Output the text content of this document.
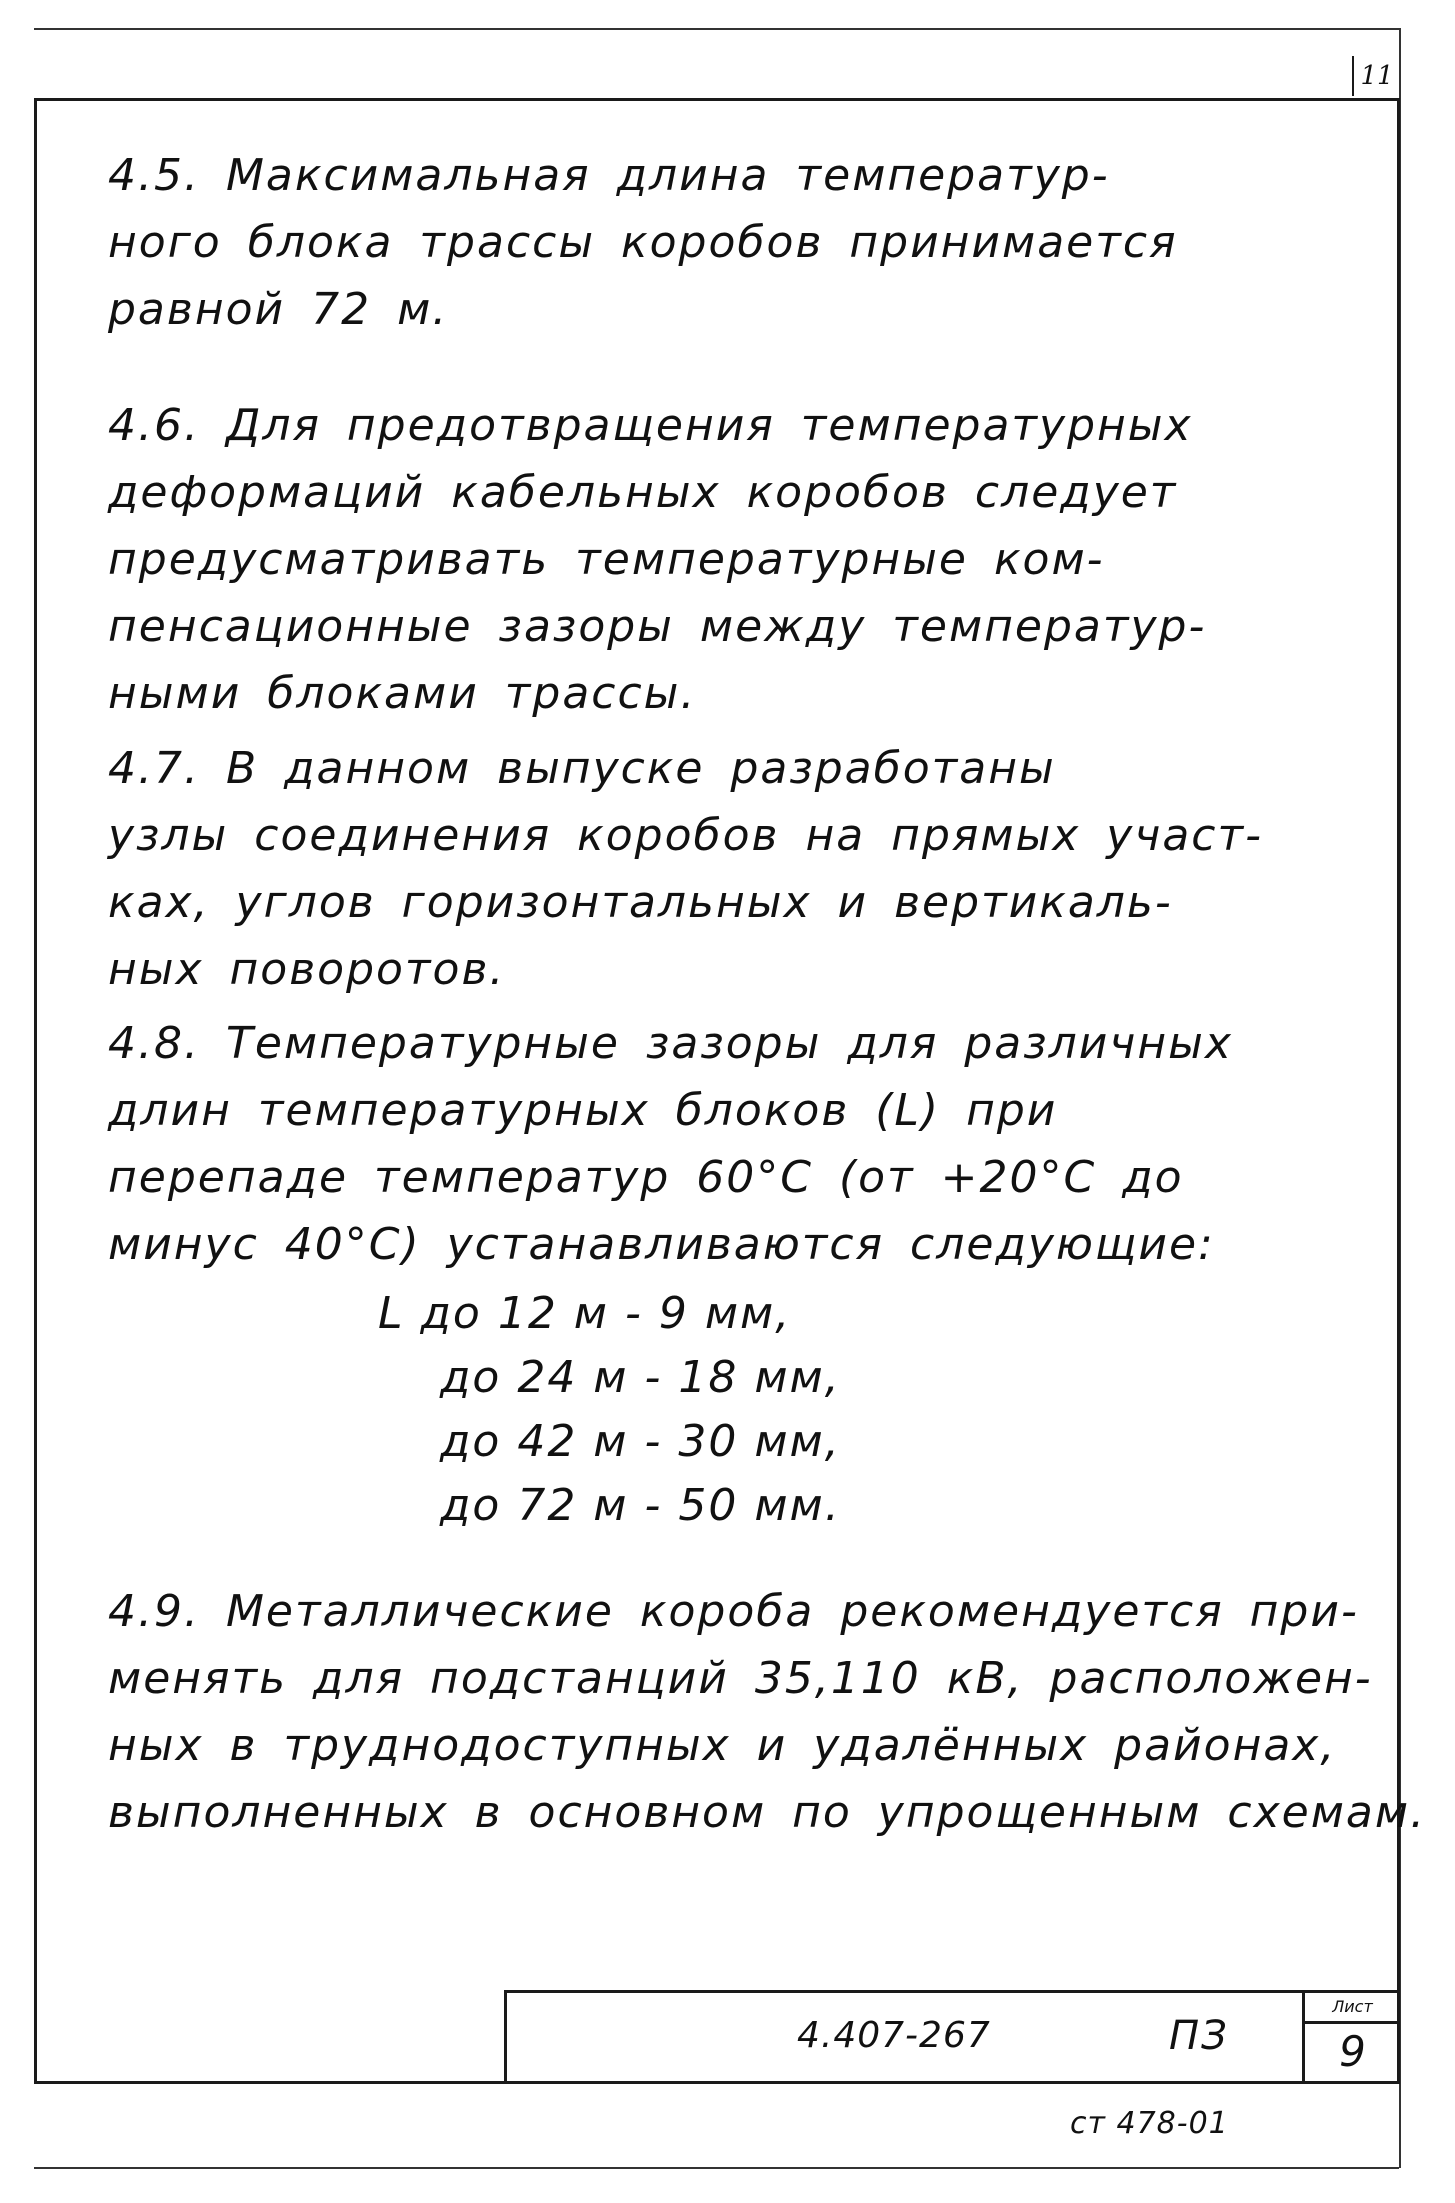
11

4.5. Максимальная длина температур-
ного блока трассы коробов принимается
равной 72 м.

4.6. Для предотвращения температурных
деформаций кабельных коробов следует
предусматривать температурные ком-
пенсационные зазоры между температур-
ными блоками трассы.

4.7. В данном выпуске разработаны
узлы соединения коробов на прямых участ-
ках, углов горизонтальных и вертикаль-
ных поворотов.

4.8. Температурные зазоры для различных
длин температурных блоков (L) при
перепаде температур 60°С (от +20°С до
минус 40°С) устанавливаются следующие:

L до 12 м - 9 мм,
до 24 м - 18 мм,
до 42 м - 30 мм,
до 72 м - 50 мм.

4.9. Металлические короба рекомендуется при-
менять для подстанций 35,110 кВ, расположен-
ных в труднодоступных и удалённых районах,
выполненных в основном по упрощенным схемам.

4.407-267	ПЗ
Лист
9
ст 478-01
